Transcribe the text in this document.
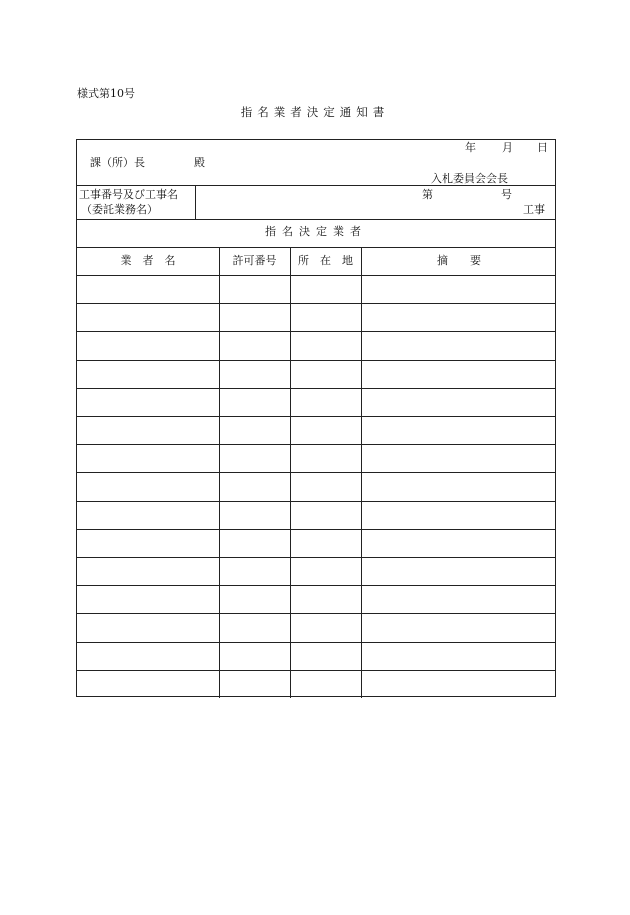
様式第10号
指名業者決定通知書
年 月 日
課（所）長	殿
入札委員会会長
工事番号及び工事名
（委託業務名）
第	号
工事
指名決定業者
業　者　名	許可番号	所　在　地	摘　　要
